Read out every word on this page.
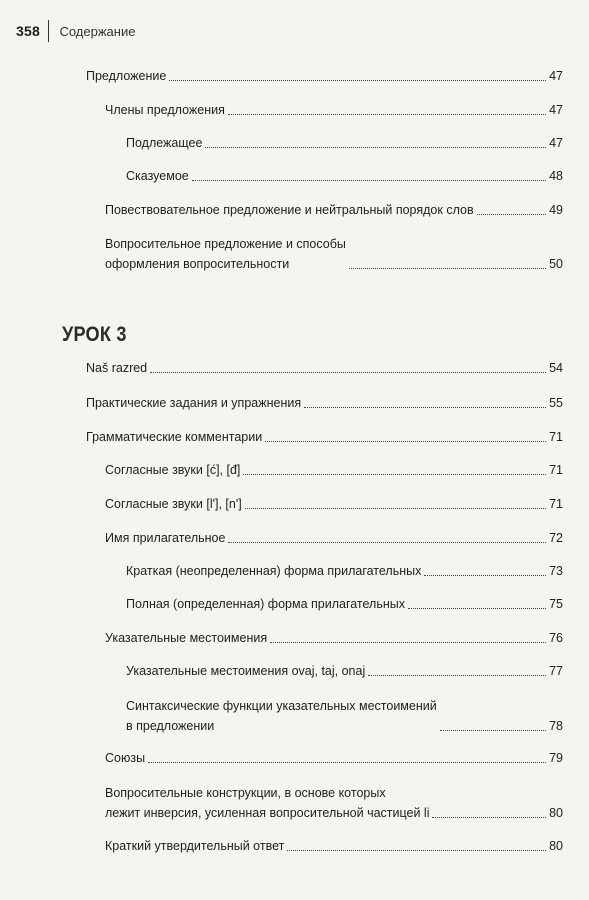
358 Содержание
Предложение	47
Члены предложения	47
Подлежащее	47
Сказуемое	48
Повествовательное предложение и нейтральный порядок слов	49
Вопросительное предложение и способы
оформления вопросительности	50
УРОК 3
Naš razred	54
Практические задания и упражнения	55
Грамматические комментарии	71
Согласные звуки [ć], [đ]	71
Согласные звуки [l'], [n']	71
Имя прилагательное	72
Краткая (неопределенная) форма прилагательных	73
Полная (определенная) форма прилагательных	75
Указательные местоимения	76
Указательные местоимения ovaj, taj, onaj	77
Синтаксические функции указательных местоимений
в предложении	78
Союзы	79
Вопросительные конструкции, в основе которых
лежит инверсия, усиленная вопросительной частицей li	80
Краткий утвердительный ответ	80
